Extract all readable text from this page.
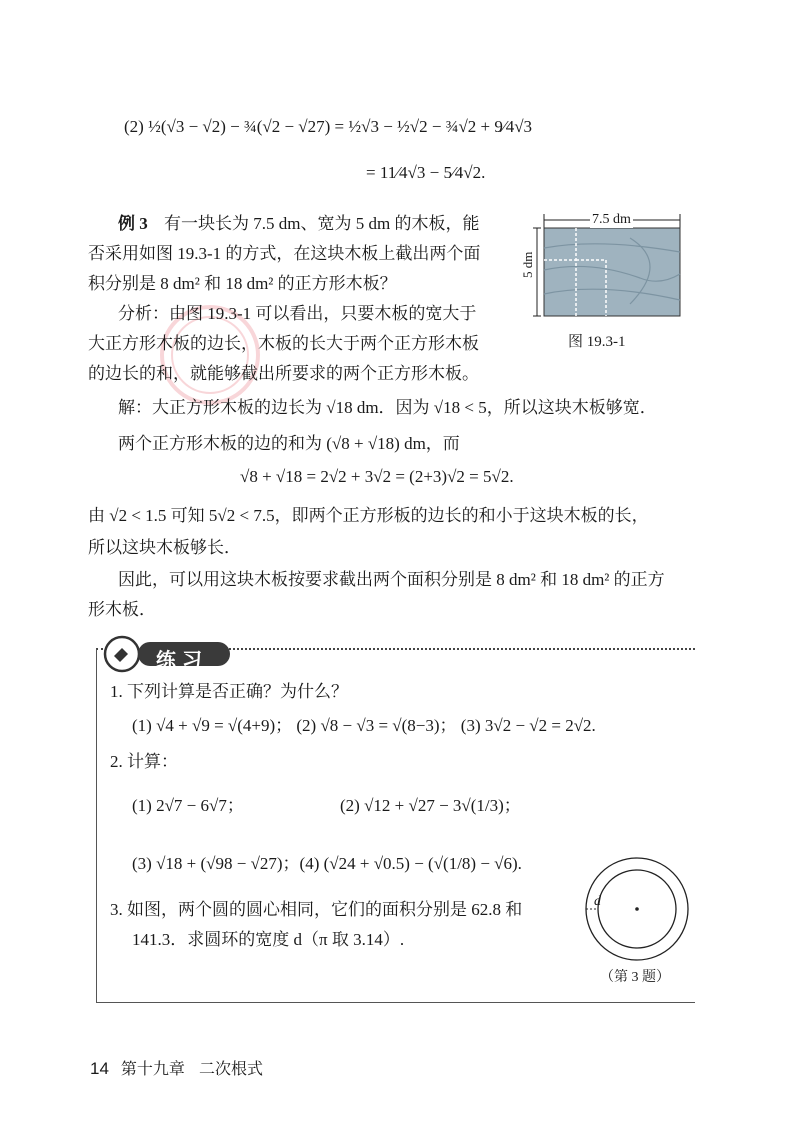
(2) ½(√3 − √2) − ¾(√2 − √27) = ½√3 − ½√2 − ¾√2 + 9⁄4√3
= 11⁄4√3 − 5⁄4√2.
例 3 有一块长为 7.5 dm、宽为 5 dm 的木板，能
否采用如图 19.3-1 的方式，在这块木板上截出两个面
积分别是 8 dm² 和 18 dm² 的正方形木板？
分析：由图 19.3-1 可以看出，只要木板的宽大于
大正方形木板的边长，木板的长大于两个正方形木板
的边长的和，就能够截出所要求的两个正方形木板。
7.5 dm
5 dm
图 19.3-1
解：大正方形木板的边长为 √18 dm．因为 √18 < 5，所以这块木板够宽．
两个正方形木板的边的和为 (√8 + √18) dm，而
√8 + √18 = 2√2 + 3√2 = (2+3)√2 = 5√2.
由 √2 < 1.5 可知 5√2 < 7.5，即两个正方形板的边长的和小于这块木板的长，
所以这块木板够长．
因此，可以用这块木板按要求截出两个面积分别是 8 dm² 和 18 dm² 的正方
形木板．
练习
1. 下列计算是否正确？为什么？
(1) √4 + √9 = √(4+9)； (2) √8 − √3 = √(8−3)； (3) 3√2 − √2 = 2√2.
2. 计算：
(1) 2√7 − 6√7；	(2) √12 + √27 − 3√(1/3)；
(3) √18 + (√98 − √27)；(4) (√24 + √0.5) − (√(1/8) − √6).
3. 如图，两个圆的圆心相同，它们的面积分别是 62.8 和
141.3．求圆环的宽度 d（π 取 3.14）.
d
（第 3 题）
14 第十九章 二次根式
